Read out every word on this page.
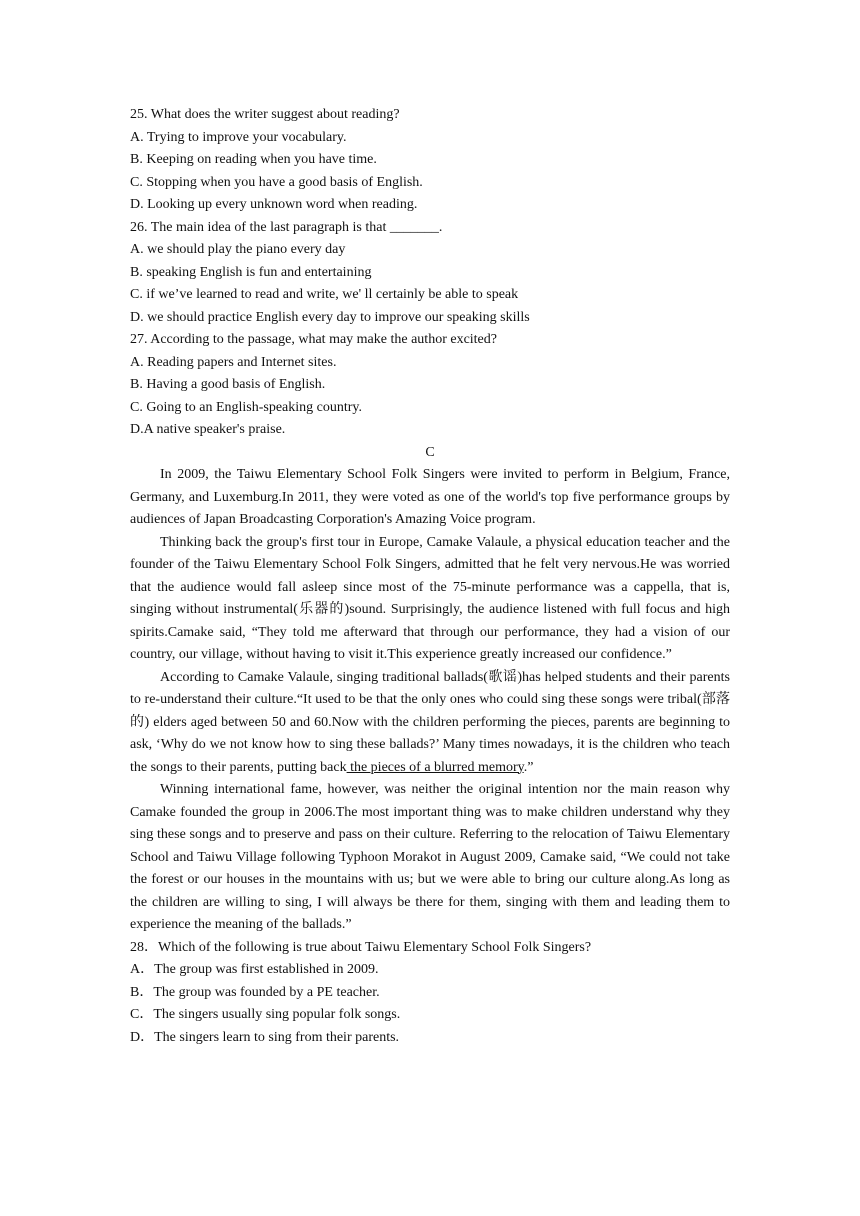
25. What does the writer suggest about reading?
A. Trying to improve your vocabulary.
B. Keeping on reading when you have time.
C. Stopping when you have a good basis of English.
D. Looking up every unknown word when reading.
26. The main idea of the last paragraph is that _______.
A. we should play the piano every day
B. speaking English is fun and entertaining
C. if we’ve learned to read and write, we' ll certainly be able to speak
D. we should practice English every day to improve our speaking skills
27. According to the passage, what may make the author excited?
A. Reading papers and Internet sites.
B. Having a good basis of English.
C. Going to an English-speaking country.
D.A native speaker's praise.
C
In 2009, the Taiwu Elementary School Folk Singers were invited to perform in Belgium, France, Germany, and Luxemburg.In 2011, they were voted as one of the world's top five performance groups by audiences of Japan Broadcasting Corporation's Amazing Voice program.
Thinking back the group's first tour in Europe, Camake Valaule, a physical education teacher and the founder of the Taiwu Elementary School Folk Singers, admitted that he felt very nervous.He was worried that the audience would fall asleep since most of the 75-minute performance was a cappella, that is, singing without instrumental(乐器的)sound. Surprisingly, the audience listened with full focus and high spirits.Camake said, “They told me afterward that through our performance, they had a vision of our country, our village, without having to visit it.This experience greatly increased our confidence.”
According to Camake Valaule, singing traditional ballads(歌谣)has helped students and their parents to re-understand their culture.“It used to be that the only ones who could sing these songs were tribal(部落的) elders aged between 50 and 60.Now with the children performing the pieces, parents are beginning to ask, ‘Why do we not know how to sing these ballads?’ Many times nowadays, it is the children who teach the songs to their parents, putting back the pieces of a blurred memory.”
Winning international fame, however, was neither the original intention nor the main reason why Camake founded the group in 2006.The most important thing was to make children understand why they sing these songs and to preserve and pass on their culture. Referring to the relocation of Taiwu Elementary School and Taiwu Village following Typhoon Morakot in August 2009, Camake said, “We could not take the forest or our houses in the mountains with us; but we were able to bring our culture along.As long as the children are willing to sing, I will always be there for them, singing with them and leading them to experience the meaning of the ballads.”
28．Which of the following is true about Taiwu Elementary School Folk Singers?
A．The group was first established in 2009.
B．The group was founded by a PE teacher.
C．The singers usually sing popular folk songs.
D．The singers learn to sing from their parents.
